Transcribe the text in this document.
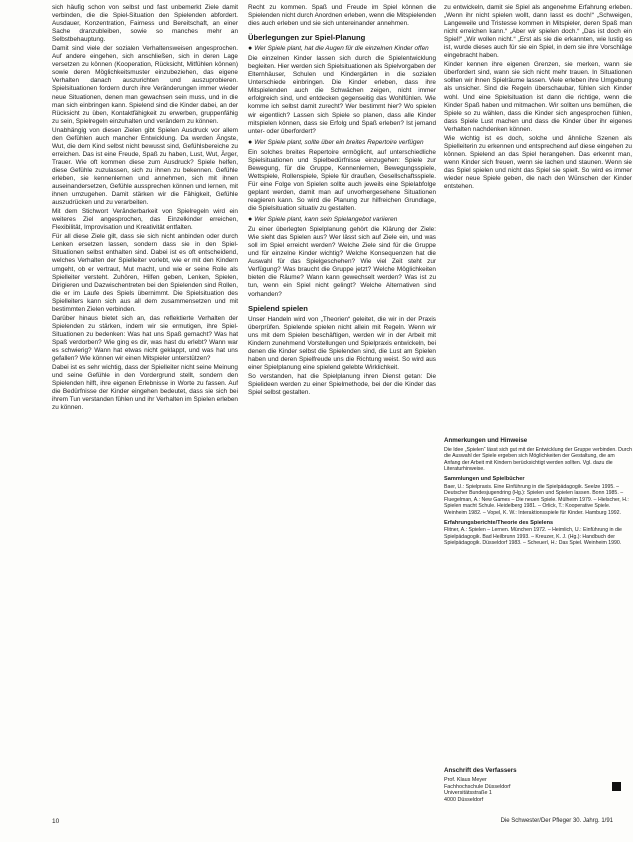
sich häufig schon von selbst und fast unbemerkt Ziele damit verbinden, die die Spiel-Situation den Spielenden abfordert. Ausdauer, Konzentration, Fairness und Bereitschaft, an einer Sache dranzubleiben, sowie so manches mehr an Selbstbehauptung.

Damit sind viele der sozialen Verhaltensweisen angesprochen. Auf andere eingehen, sich anschließen, sich in deren Lage versetzen zu können (Kooperation, Rücksicht, Mitfühlen können) sowie deren Möglichkeitsmuster einzubeziehen, das eigene Verhalten danach auszurichten und auszuprobieren. Spielsituationen fordern durch ihre Veränderungen immer wieder neue Situationen, denen man gewachsen sein muss, und in die man sich einbringen kann. Spielend sind die Kinder dabei, an der Rücksicht zu üben, Kontaktfähigkeit zu erwerben, gruppenfähig zu sein, Spielregeln einzuhalten und verändern zu können.

Unabhängig von diesen Zielen gibt Spielen Ausdruck vor allem den Gefühlen auch mancher Entwicklung. Da werden Ängste, Wut, die dem Kind selbst nicht bewusst sind, Gefühlsbereiche zu erreichen. Das ist eine Freude, Spaß zu haben, Lust, Wut, Ärger, Trauer. Wie oft kommen diese zum Ausdruck? Spiele helfen, diese Gefühle zuzulassen, sich zu ihnen zu bekennen. Gefühle erleben, sie kennenlernen und annehmen, sich mit ihnen auseinandersetzen, Gefühle aussprechen können und lernen, mit ihnen umzugehen. Damit stärken wir die Fähigkeit, Gefühle auszudrücken und zu verarbeiten.

Mit dem Stichwort Veränderbarkeit von Spielregeln wird ein weiteres Ziel angesprochen, das Einzelkinder erreichen, Flexibilität, Improvisation und Kreativität entfalten.

Für all diese Ziele gilt, dass sie sich nicht anbinden oder durch Lenken ersetzen lassen, sondern dass sie in den Spiel-Situationen selbst enthalten sind. Dabei ist es oft entscheidend, welches Verhalten der Spielleiter vorlebt, wie er mit den Kindern umgeht, ob er vertraut, Mut macht, und wie er seine Rolle als Spielleiter versteht. Zuhören, Hilfen geben, Lenken, Spielen, Dirigieren und Dazwischentreten bei den Spielenden sind Rollen, die er im Laufe des Spiels übernimmt. Die Spielsituation des Spielleiters kann sich aus all dem zusammensetzen und mit bestimmten Zielen verbinden.

Darüber hinaus bietet sich an, das reflektierte Verhalten der Spielenden zu stärken, indem wir sie ermutigen, ihre Spiel-Situationen zu bedenken: Was hat uns Spaß gemacht? Was hat Spaß verdorben? Wie ging es dir, was hast du erlebt? Wann war es schwierig? Wann hat etwas nicht geklappt, und was hat uns gefallen? Wie können wir einen Mitspieler unterstützen?

Dabei ist es sehr wichtig, dass der Spielleiter nicht seine Meinung und seine Gefühle in den Vordergrund stellt, sondern den Spielenden hilft, ihre eigenen Erlebnisse in Worte zu fassen. Auf die Bedürfnisse der Kinder eingehen bedeutet, dass sie sich bei ihrem Tun verstanden fühlen und ihr Verhalten im Spielen erleben zu können.

Recht zu kommen. Spaß und Freude im Spiel können die Spielenden nicht durch Anordnen erleben, wenn die Mitspielenden dies auch erleben und sie sich untereinander annehmen.

Überlegungen zur Spiel-Planung
● Wer Spiele plant, hat die Augen für die einzelnen Kinder offen

Die einzelnen Kinder lassen sich durch die Spielentwicklung begleiten. Hier werden sich Spielsituationen als Spielvorgaben der Elternhäuser, Schulen und Kindergärten in die sozialen Unterschiede einbringen. Die Kinder erleben, dass ihre Mitspielenden auch die Schwächen zeigen, nicht immer erfolgreich sind, und entdecken gegenseitig das Wohlfühlen. Wie komme ich selbst damit zurecht? Wer bestimmt hier? Wo spielen wir eigentlich? Lassen sich Spiele so planen, dass alle Kinder mitspielen können, dass sie Erfolg und Spaß erleben? Ist jemand unter- oder überfordert?

● Wer Spiele plant, sollte über ein breites Repertoire verfügen

Ein solches breites Repertoire ermöglicht, auf unterschiedliche Spielsituationen und Spielbedürfnisse einzugehen: Spiele zur Bewegung, für die Gruppe, Kennenlernen, Bewegungsspiele, Wettspiele, Rollenspiele, Spiele für draußen, Gesellschaftsspiele. Für eine Folge von Spielen sollte auch jeweils eine Spielabfolge geplant werden, damit man auf unvorhergesehene Situationen reagieren kann. So wird die Planung zur hilfreichen Grundlage, die Spielsituation situativ zu gestalten.

● Wer Spiele plant, kann sein Spielangebot variieren

Zu einer überlegten Spielplanung gehört die Klärung der Ziele: Wie sieht das Spielen aus? Wer lässt sich auf Ziele ein, und was soll im Spiel erreicht werden? Welche Ziele sind für die Gruppe und für einzelne Kinder wichtig? Welche Konsequenzen hat die Auswahl für das Spielgeschehen? Wie viel Zeit steht zur Verfügung? Was braucht die Gruppe jetzt? Welche Möglichkeiten bieten die Räume? Wann kann gewechselt werden? Was ist zu tun, wenn ein Spiel nicht gelingt? Welche Alternativen sind vorhanden?

Spielend spielen

Unser Handeln wird von „Theorien“ geleitet, die wir in der Praxis überprüfen. Spielende spielen nicht allein mit Regeln. Wenn wir uns mit dem Spielen beschäftigen, werden wir in der Arbeit mit Kindern zunehmend Vorstellungen und Spielpraxis entwickeln, bei denen die Kinder selbst die Spielenden sind, die Lust am Spielen haben und deren Spielfreude uns die Richtung weist. So wird aus einer Spielplanung eine spielend gelebte Wirklichkeit.

So verstanden, hat die Spielplanung ihren Dienst getan: Die Spielideen werden zu einer Spielmethode, bei der die Kinder das Spiel selbst gestalten.

zu entwickeln, damit sie Spiel als angenehme Erfahrung erleben. „Wenn ihr nicht spielen wollt, dann lasst es doch!“ „Schweigen, Langeweile und Tristesse kommen in Mitspieler, deren Spaß man nicht erreichen kann.“ „Aber wir spielen doch.“ „Das ist doch ein Spiel!“ „Wir wollen nicht.“ „Erst als sie die erkannten, wie lustig es ist, wurde dieses auch für sie ein Spiel, in dem sie ihre Vorschläge eingebracht haben.

Kinder kennen ihre eigenen Grenzen, sie merken, wann sie überfordert sind, wann sie sich nicht mehr trauen. In Situationen sollten wir ihnen Spielräume lassen. Viele erleben ihre Umgebung als unsicher. Sind die Regeln überschaubar, fühlen sich Kinder wohl. Und eine Spielsituation ist dann die richtige, wenn die Kinder Spaß haben und mitmachen. Wir sollten uns bemühen, die Spiele so zu wählen, dass die Kinder sich angesprochen fühlen, dass Spiele Lust machen und dass die Kinder über ihr eigenes Verhalten nachdenken können.

Wie wichtig ist es doch, solche und ähnliche Szenen als Spielleiterin zu erkennen und entsprechend auf diese eingehen zu können. Spielend an das Spiel herangehen. Das erkennt man, wenn Kinder sich freuen, wenn sie lachen und staunen. Wenn sie das Spiel spielen und nicht das Spiel sie spielt. So wird es immer wieder neue Spiele geben, die nach den Wünschen der Kinder entstehen.

Anmerkungen und Hinweise

Die Idee „Spielen“ lässt sich gut mit der Entwicklung der Gruppe verbinden. Durch die Auswahl der Spiele ergeben sich Möglichkeiten der Gestaltung, die am Anfang der Arbeit mit Kindern berücksichtigt werden sollten. Vgl. dazu die Literaturhinweise.

Sammlungen und Spielbücher

Baer, U.: Spielpraxis. Eine Einführung in die Spielpädagogik. Seelze 1995. – Deutscher Bundesjugendring (Hg.): Spielen und Spielen lassen. Bonn 1985. – Fluegelman, A.: New Games – Die neuen Spiele. Mülheim 1979. – Hielscher, H.: Spielen macht Schule. Heidelberg 1981. – Orlick, T.: Kooperative Spiele. Weinheim 1982. – Vopel, K. W.: Interaktionsspiele für Kinder. Hamburg 1992.

Erfahrungsberichte/Theorie des Spielens

Flitner, A.: Spielen – Lernen. München 1972. – Heimlich, U.: Einführung in die Spielpädagogik. Bad Heilbrunn 1993. – Kreuzer, K. J. (Hg.): Handbuch der Spielpädagogik. Düsseldorf 1983. – Scheuerl, H.: Das Spiel. Weinheim 1990.

Anschrift des Verfassers

Prof. Klaus Meyer

Fachhochschule Düsseldorf

Universitätsstraße 1

4000 Düsseldorf

10	Die Schwester/Der Pfleger 30. Jahrg. 1/91
